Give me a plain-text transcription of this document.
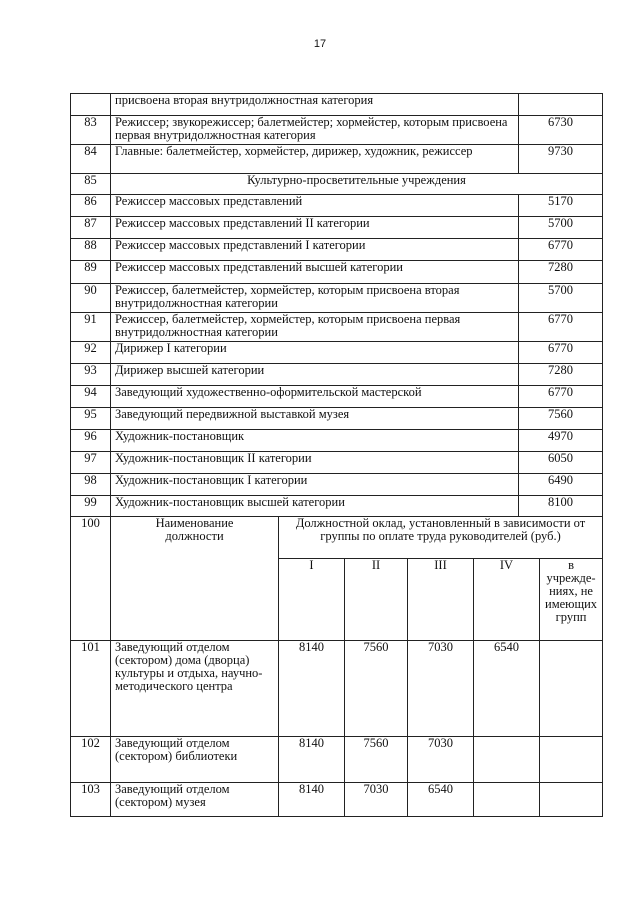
17
	присвоена вторая внутридолжностная категория	
83	Режиссер; звукорежиссер; балетмейстер; хормейстер, которым присвоена первая внутридолжностная категория	6730
84	Главные: балетмейстер, хормейстер, дирижер, художник, режиссер	9730
85	Культурно-просветительные учреждения	
86	Режиссер массовых представлений	5170
87	Режиссер массовых представлений II категории	5700
88	Режиссер массовых представлений I категории	6770
89	Режиссер массовых представлений высшей категории	7280
90	Режиссер, балетмейстер, хормейстер, которым присвоена вторая внутридолжностная категории	5700
91	Режиссер, балетмейстер, хормейстер, которым присвоена первая внутридолжностная категории	6770
92	Дирижер I категории	6770
93	Дирижер высшей категории	7280
94	Заведующий художественно-оформительской мастерской	6770
95	Заведующий передвижной выставкой музея	7560
96	Художник-постановщик	4970
97	Художник-постановщик II категории	6050
98	Художник-постановщик I категории	6490
99	Художник-постановщик высшей категории	8100
100	Наименование должности	Должностной оклад, установленный в зависимости от группы по оплате труда руководителей (руб.)				
		I	II	III	IV	в учрежде-ниях, не имеющих групп
101	Заведующий отделом (сектором) дома (дворца) культуры и отдыха, научно-методического центра	8140	7560	7030	6540	
102	Заведующий отделом (сектором) библиотеки	8140	7560	7030		
103	Заведующий отделом (сектором) музея	8140	7030	6540		
